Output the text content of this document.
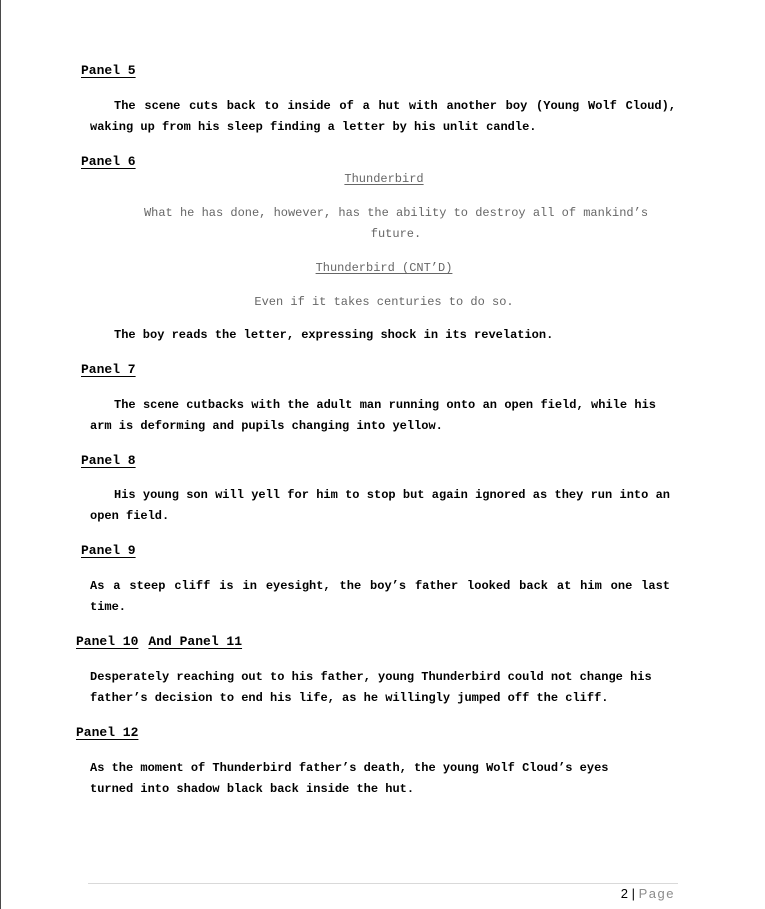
Panel 5

The scene cuts back to inside of a hut with another boy (Young Wolf Cloud), waking up from his sleep finding a letter by his unlit candle.

Panel 6
Thunderbird
What he has done, however, has the ability to destroy all of mankind’s future.
Thunderbird (CNT’D)
Even if it takes centuries to do so.

The boy reads the letter, expressing shock in its revelation.

Panel 7

The scene cutbacks with the adult man running onto an open field, while his arm is deforming and pupils changing into yellow.

Panel 8

His young son will yell for him to stop but again ignored as they run into an open field.

Panel 9

As a steep cliff is in eyesight, the boy’s father looked back at him one last time.

Panel 10 And Panel 11

Desperately reaching out to his father, young Thunderbird could not change his father’s decision to end his life, as he willingly jumped off the cliff.

Panel 12

As the moment of Thunderbird father’s death, the young Wolf Cloud’s eyes turned into shadow black back inside the hut.

2 | Page
